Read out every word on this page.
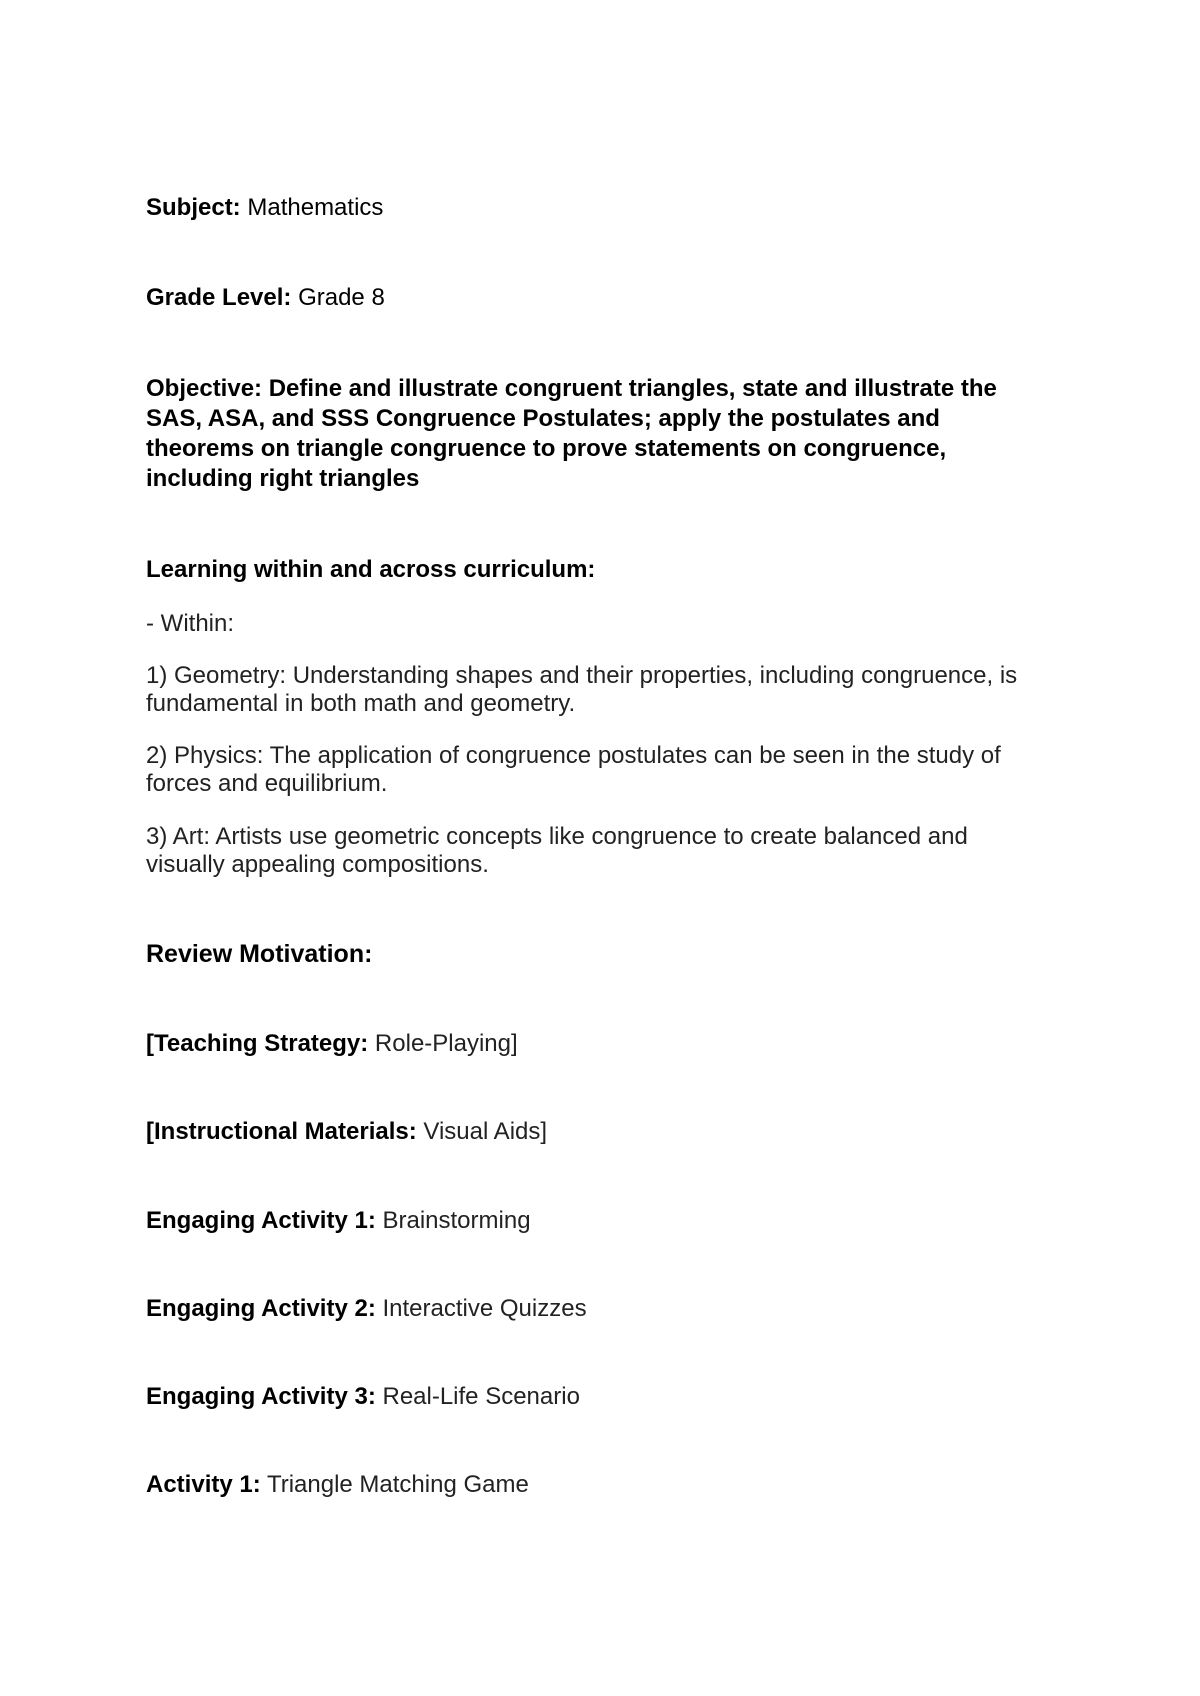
Subject: Mathematics
Grade Level: Grade 8
Objective: Define and illustrate congruent triangles, state and illustrate the
SAS, ASA, and SSS Congruence Postulates; apply the postulates and
theorems on triangle congruence to prove statements on congruence,
including right triangles
Learning within and across curriculum:
- Within:
1) Geometry: Understanding shapes and their properties, including congruence, is
fundamental in both math and geometry.
2) Physics: The application of congruence postulates can be seen in the study of
forces and equilibrium.
3) Art: Artists use geometric concepts like congruence to create balanced and
visually appealing compositions.
Review Motivation:
[Teaching Strategy: Role-Playing]
[Instructional Materials: Visual Aids]
Engaging Activity 1: Brainstorming
Engaging Activity 2: Interactive Quizzes
Engaging Activity 3: Real-Life Scenario
Activity 1: Triangle Matching Game
